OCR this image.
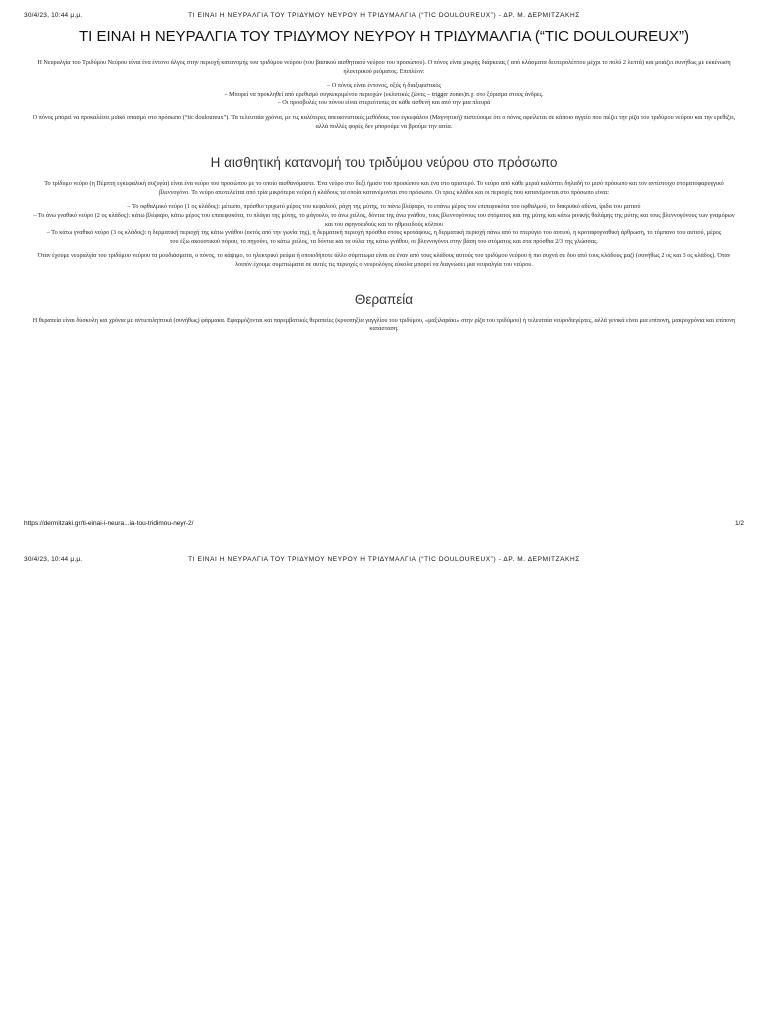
ΤΙ ΕΙΝΑΙ Η ΝΕΥΡΑΛΓΙΑ ΤΟΥ ΤΡΙΔΥΜΟΥ ΝΕΥΡΟΥ Η ΤΡΙΔΥΜΑΛΓΙΑ (“TIC DOULOUREUX”) - ΔΡ. Μ. ΔΕΡΜΙΤΖΑΚΗΣ
30/4/23, 10:44 μ.μ.
ΤΙ ΕΙΝΑΙ Η ΝΕΥΡΑΛΓΙΑ ΤΟΥ ΤΡΙΔΥΜΟΥ ΝΕΥΡΟΥ Η ΤΡΙΔΥΜΑΛΓΙΑ (“TIC DOULOUREUX”)

Η Νευραλγία του Τριδύμου Νεύρου είναι ένα έντονο άλγος στην περιοχή κατανομής του τριδύμου νεύρου (του βασικού αισθητικού νεύρου του προσώπου). Ο πόνος είναι μικρής διάρκειας ( από κλάσματα δευτερολέπτου μέχρι το πολύ 2 λεπτά) και μοιάζει συνήθως με εκκένωση ηλεκτρικού ρεύματος. Επιπλέον:

– Ο πόνος είναι έντονος, οξύς ή διαξιφιστικός
– Μπορεί να προκληθεί από ερεθισμό συγκεκριμένου περιοχών (εκλυτικές ζώνες – trigger zones)π.χ. στο ξύρισμα στους άνδρες.
– Οι προσβολές του πόνου είναι στερεότυπες σε κάθε ασθενή και από την μια πλευρά

Ο πόνος μπορεί να προκαλέσει μυϊκό σπασμό στο πρόσωπο (“tic douloureux”). Τα τελευταία χρόνια, με τις καλύτερες απεικονιστικές μεθόδους του εγκεφάλου (Μαγνητική) πιστεύουμε ότι ο πόνος οφείλεται σε κάποιο αγγείο που πιέζει την ρίζα του τριδύμου νεύρου και την ερεθίζει, αλλά πολλές φορές δεν μπορούμε να βρούμε την αιτία.

Η αισθητική κατανομή του τριδύμου νεύρου στο πρόσωπο

Το τρίδυμο νεύρο (η Πέμπτη εγκεφαλική συζυγία) είναι ένα νεύρο του προσώπου με το οποίο αισθανόμαστε. Ένα νεύρο στο δεξί ήμισυ του προσώπου και ένα στο αριστερό. Το νεύρο από κάθε μεριά καλύπτει δηλαδή το μισό πρόσωπο και τον αντίστοιχο στοματοφαρυγγικό βλεννογόνο. Το νεύρο αποτελείται από τρία μικρότερα νεύρα ή κλάδους τα οποία κατανέμονται στο πρόσωπο. Οι τρεις κλάδοι και οι περιοχές που κατανέμονται στο πρόσωπο είναι:

– Το οφθαλμικό νεύρο (1 ος κλάδος): μέτωπο, πρόσθιο τριχωτό μέρος του κεφαλιού, ράχη της μύτης, το πάνω βλέφαρο, το επάνω μέρος του επιπεφυκότα του οφθαλμού, το δακρυϊκό αδένα, ίριδα του ματιού
– Το άνω γναθικό νεύρο (2 ος κλάδος): κάτω βλέφαρο, κάτω μέρος του επιπεφυκότα, το πλάγιο της μύτης, το μάγουλο, το άνω χείλος, δόντια της άνω γνάθου, τους βλεννογόνους του στόματος και της μύτης και κάτω ρινικής θαλάμης της μύτης και τους βλεννογόνους των γναμόρων και του σφηνοειδούς και το ηθμοειδούς κόλπου
– Το κάτω γναθικό νεύρο (3 ος κλάδος): η δερματική περιοχή της κάτω γνάθου (εκτός από την γωνία της), η δερματική περιοχή πρόσθια στους κροτάφους, η δερματική περιοχή πάνω από το πτερύγιο του αυτιού, η κροταφογναθική άρθρωση, το τύμπανο του αυτιού, μέρος
του έξω ακουστικού πόρου, το πηγούνι, το κάτω χείλος, τα δόντια και τα ούλα της κάτω γνάθου, οι βλεννογόνοι στην βάση του στόματος και στα πρόσθια 2/3 της γλώσσας.

Όταν έχουμε νευραλγία του τριδύμου νεύρου τα μουδιάσματα, ο πόνος, το κάψιμο, το ηλεκτρικό ρεύμα ή οποιοδήποτε άλλο σύμπτωμα είναι σε έναν από τους κλάδους αυτούς του τριδύμου νεύρου ή πιο συχνά σε δυο από τους κλάδους μαζί (συνήθως 2 ος και 3 ος κλάδος). Όταν λοιπόν έχουμε συμπτώματα σε αυτές τις περιοχές ο νευρολόγος εύκολα μπορεί να διαγνώσει μια νευραλγία του νεύρου.

Θεραπεία

Η θεραπεία είναι δύσκολη και χρόνια με αντιεπιληπτικά (συνήθως) φάρμακα. Εφαρμόζονται και παρεμβατικές θεραπείες (κρυοπηξία γαγγλίου του τριδύμου, «μαξιλαράκι» στην ρίζα του τριδύμου) ή τελευταία νευροδιεγέρτες, αλλά γενικά είναι μια επίπονη, μακροχρόνια και επίπονη κατάσταση.

https://dermitzaki.gr/ti-einai-i-neura...ia-tou-tridimou-neyr-2/	1/2
ΤΙ ΕΙΝΑΙ Η ΝΕΥΡΑΛΓΙΑ ΤΟΥ ΤΡΙΔΥΜΟΥ ΝΕΥΡΟΥ Η ΤΡΙΔΥΜΑΛΓΙΑ (“TIC DOULOUREUX”) - ΔΡ. Μ. ΔΕΡΜΙΤΖΑΚΗΣ
30/4/23, 10:44 μ.μ.
